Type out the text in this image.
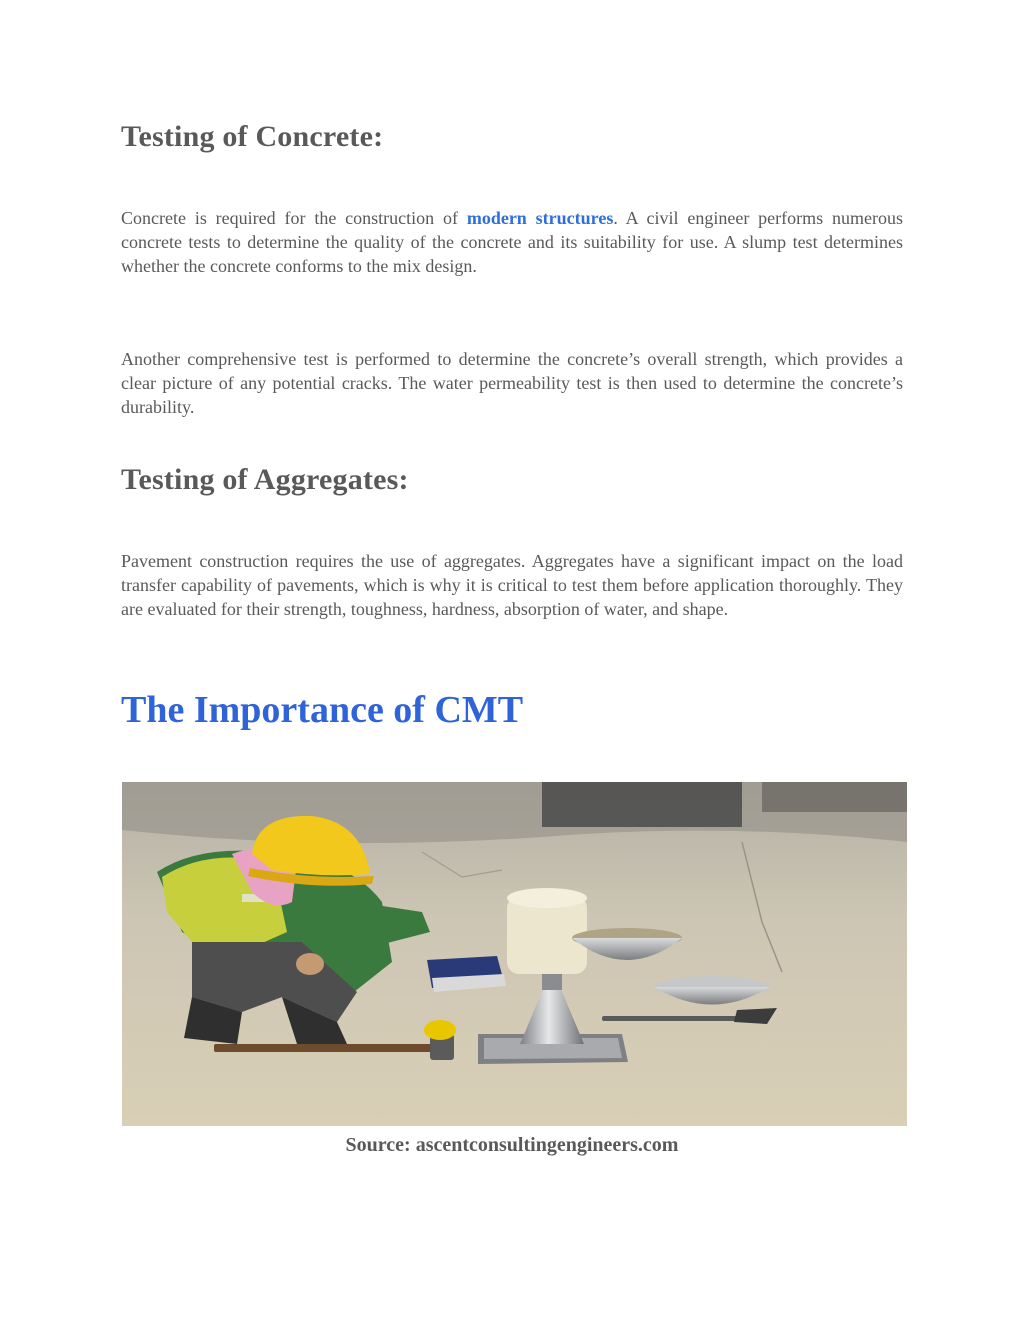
Testing of Concrete:

Concrete is required for the construction of modern structures. A civil engineer performs numerous concrete tests to determine the quality of the concrete and its suitability for use. A slump test determines whether the concrete conforms to the mix design.

Another comprehensive test is performed to determine the concrete’s overall strength, which provides a clear picture of any potential cracks. The water permeability test is then used to determine the concrete’s durability.

Testing of Aggregates:

Pavement construction requires the use of aggregates. Aggregates have a significant impact on the load transfer capability of pavements, which is why it is critical to test them before application thoroughly. They are evaluated for their strength, toughness, hardness, absorption of water, and shape.

The Importance of CMT
Source: ascentconsultingengineers.com
